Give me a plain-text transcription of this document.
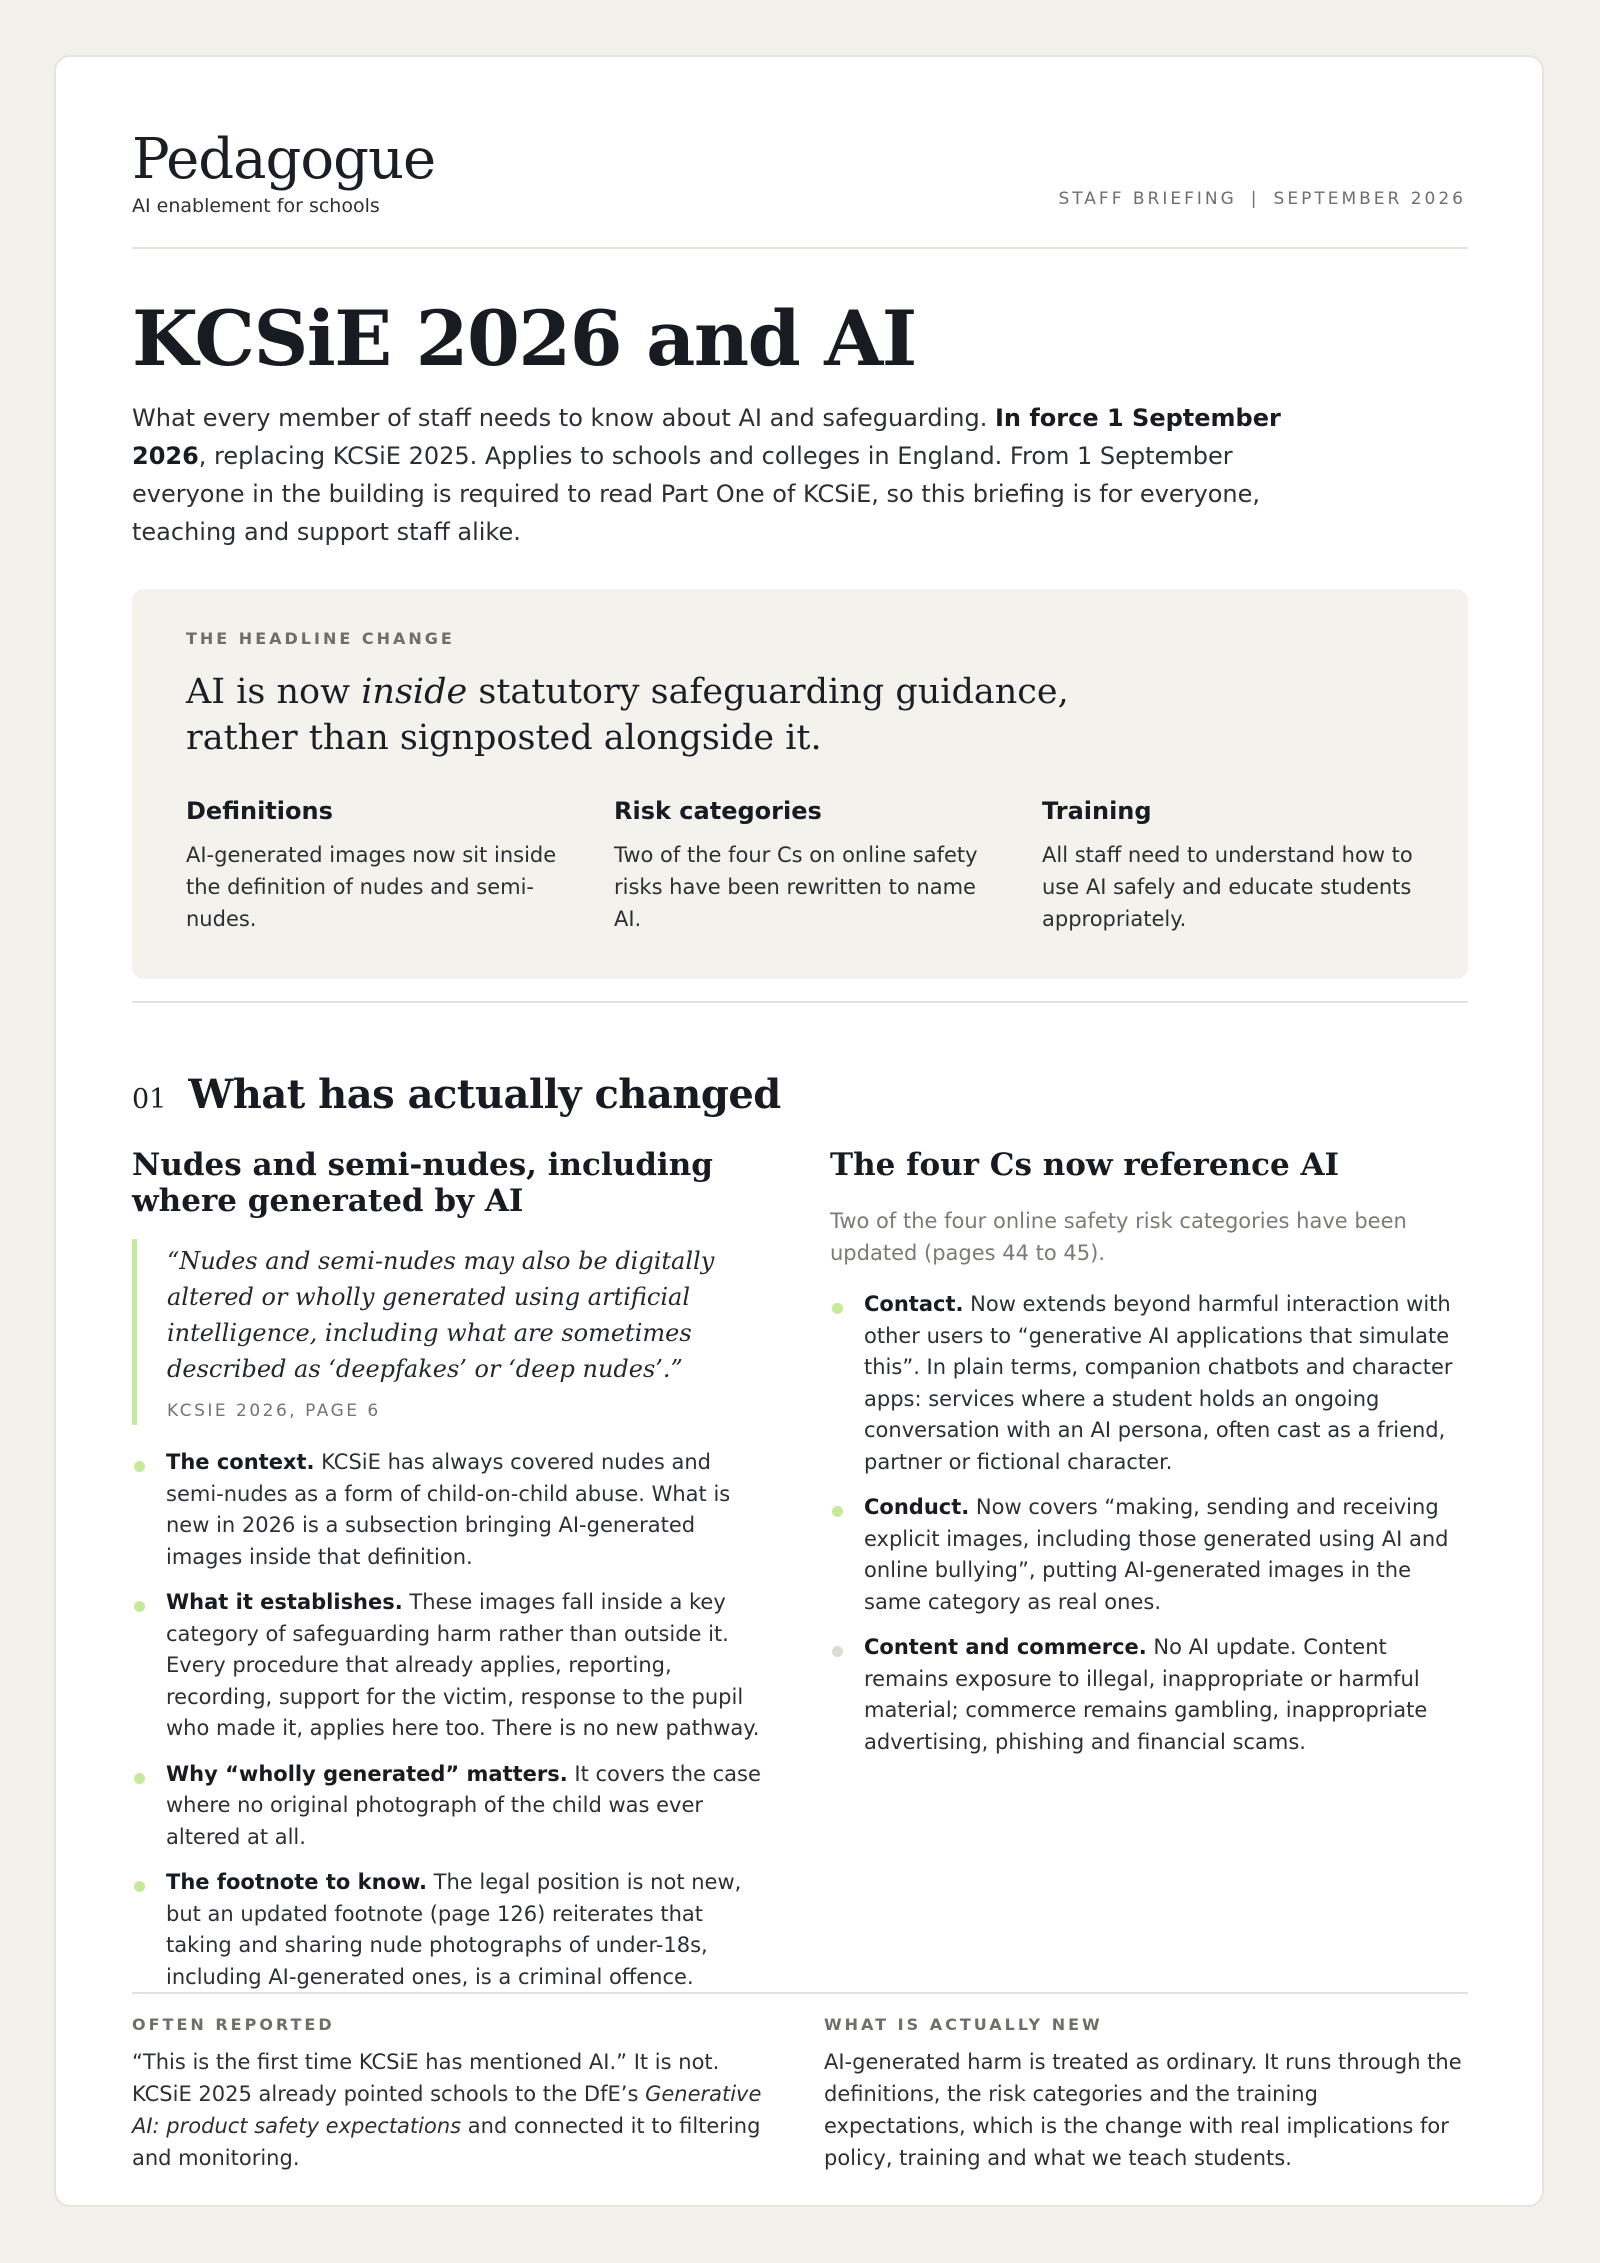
Pedagogue
AI enablement for schools	STAFF BRIEFING | SEPTEMBER 2026
KCSiE 2026 and AI

What every member of staff needs to know about AI and safeguarding. In force 1 September 2026, replacing KCSiE 2025. Applies to schools and colleges in England. From 1 September everyone in the building is required to read Part One of KCSiE, so this briefing is for everyone, teaching and support staff alike.

THE HEADLINE CHANGE
AI is now inside statutory safeguarding guidance, rather than signposted alongside it.
Definitions
AI-generated images now sit inside the definition of nudes and semi-nudes.
Risk categories
Two of the four Cs on online safety risks have been rewritten to name AI.
Training
All staff need to understand how to use AI safely and educate students appropriately.
01 What has actually changed
Nudes and semi-nudes, including where generated by AI
“Nudes and semi-nudes may also be digitally altered or wholly generated using artificial intelligence, including what are sometimes described as ‘deepfakes’ or ‘deep nudes’.”
KCSIE 2026, PAGE 6
The context. KCSiE has always covered nudes and semi-nudes as a form of child-on-child abuse. What is new in 2026 is a subsection bringing AI-generated images inside that definition.
What it establishes. These images fall inside a key category of safeguarding harm rather than outside it. Every procedure that already applies, reporting, recording, support for the victim, response to the pupil who made it, applies here too. There is no new pathway.
Why “wholly generated” matters. It covers the case where no original photograph of the child was ever altered at all.
The footnote to know. The legal position is not new, but an updated footnote (page 126) reiterates that taking and sharing nude photographs of under-18s, including AI-generated ones, is a criminal offence.
The four Cs now reference AI
Two of the four online safety risk categories have been updated (pages 44 to 45).
Contact. Now extends beyond harmful interaction with other users to “generative AI applications that simulate this”. In plain terms, companion chatbots and character apps: services where a student holds an ongoing conversation with an AI persona, often cast as a friend, partner or fictional character.
Conduct. Now covers “making, sending and receiving explicit images, including those generated using AI and online bullying”, putting AI-generated images in the same category as real ones.
Content and commerce. No AI update. Content remains exposure to illegal, inappropriate or harmful material; commerce remains gambling, inappropriate advertising, phishing and financial scams.
OFTEN REPORTED
“This is the first time KCSiE has mentioned AI.” It is not. KCSiE 2025 already pointed schools to the DfE’s Generative AI: product safety expectations and connected it to filtering and monitoring.
WHAT IS ACTUALLY NEW
AI-generated harm is treated as ordinary. It runs through the definitions, the risk categories and the training expectations, which is the change with real implications for policy, training and what we teach students.
